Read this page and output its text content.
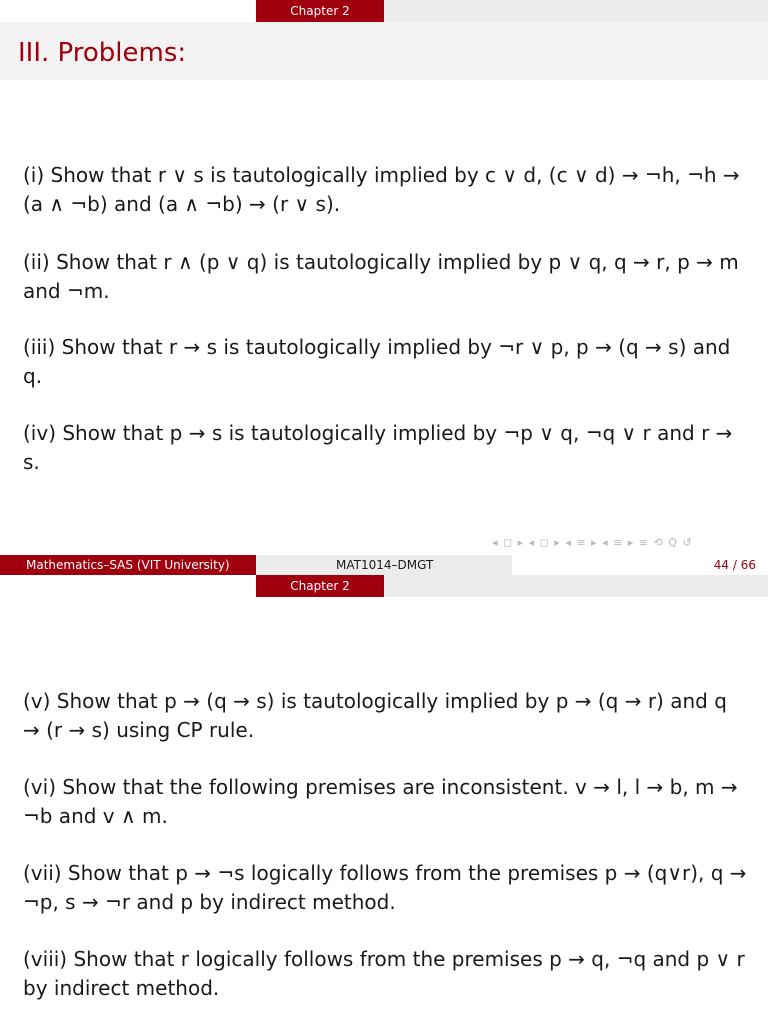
Chapter 2
III. Problems:
(i) Show that r ∨ s is tautologically implied by c ∨ d, (c ∨ d) → ¬h, ¬h → (a ∧ ¬b) and (a ∧ ¬b) → (r ∨ s).
(ii) Show that r ∧ (p ∨ q) is tautologically implied by p ∨ q, q → r, p → m and ¬m.
(iii) Show that r → s is tautologically implied by ¬r ∨ p, p → (q → s) and q.
(iv) Show that p → s is tautologically implied by ¬p ∨ q, ¬q ∨ r and r → s.
◂ ◻ ▸ ◂ ◻ ▸ ◂ ≡ ▸ ◂ ≡ ▸ ≡ ⟲ Q ↺
Mathematics–SAS (VIT University)	MAT1014–DMGT	44 / 66
Chapter 2
(v) Show that p → (q → s) is tautologically implied by p → (q → r) and q → (r → s) using CP rule.
(vi) Show that the following premises are inconsistent. v → l, l → b, m → ¬b and v ∧ m.
(vii) Show that p → ¬s logically follows from the premises p → (q∨r), q → ¬p, s → ¬r and p by indirect method.
(viii) Show that r logically follows from the premises p → q, ¬q and p ∨ r by indirect method.
